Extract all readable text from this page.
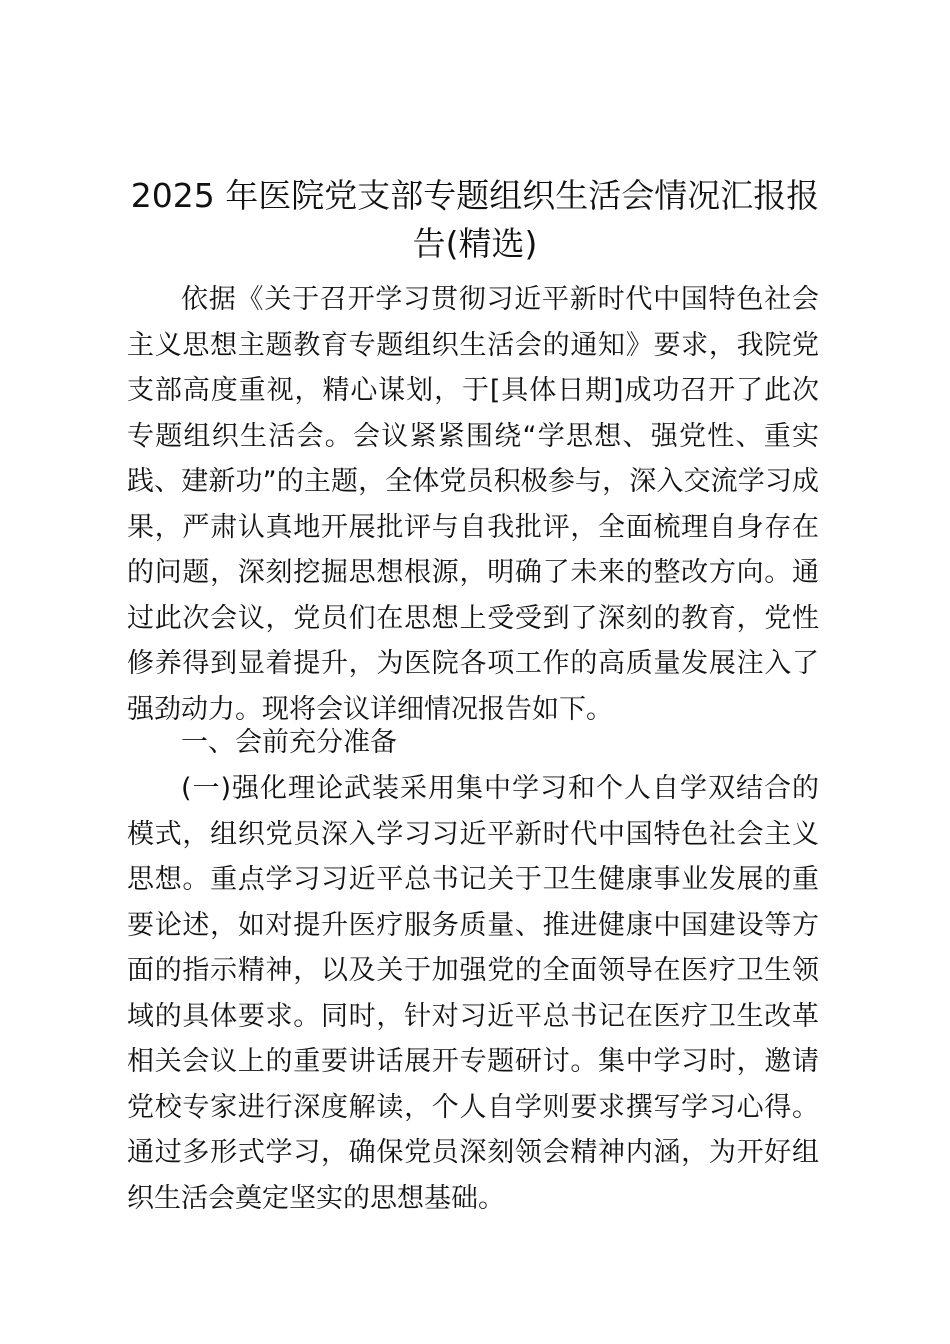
2025 年医院党支部专题组织生活会情况汇报报告(精选)

依据《关于召开学习贯彻习近平新时代中国特色社会主义思想主题教育专题组织生活会的通知》要求，我院党支部高度重视，精心谋划，于[具体日期]成功召开了此次专题组织生活会。会议紧紧围绕“学思想、强党性、重实践、建新功”的主题，全体党员积极参与，深入交流学习成果，严肃认真地开展批评与自我批评，全面梳理自身存在的问题，深刻挖掘思想根源，明确了未来的整改方向。通过此次会议，党员们在思想上受受到了深刻的教育，党性修养得到显着提升，为医院各项工作的高质量发展注入了强劲动力。现将会议详细情况报告如下。

一、会前充分准备

(一)强化理论武装采用集中学习和个人自学双结合的模式，组织党员深入学习习近平新时代中国特色社会主义思想。重点学习习近平总书记关于卫生健康事业发展的重要论述，如对提升医疗服务质量、推进健康中国建设等方面的指示精神，以及关于加强党的全面领导在医疗卫生领域的具体要求。同时，针对习近平总书记在医疗卫生改革相关会议上的重要讲话展开专题研讨。集中学习时，邀请党校专家进行深度解读，个人自学则要求撰写学习心得。通过多形式学习，确保党员深刻领会精神内涵，为开好组织生活会奠定坚实的思想基础。
